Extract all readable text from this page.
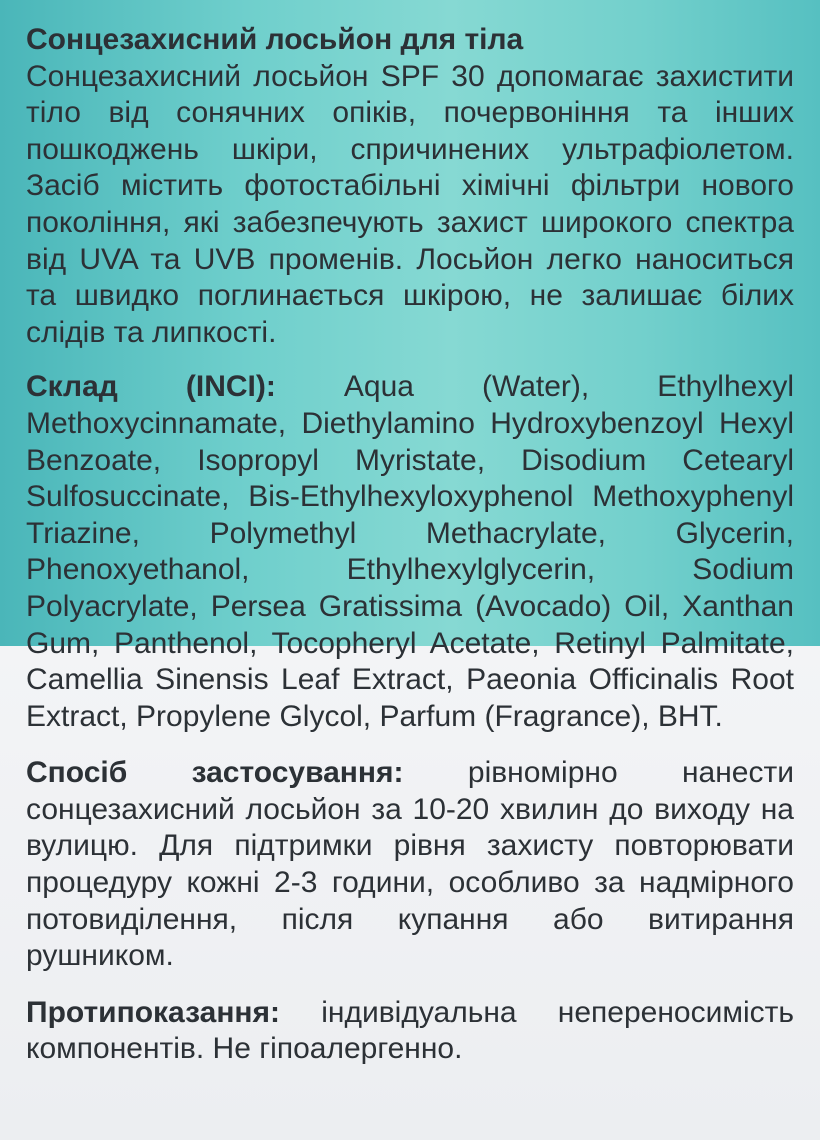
Сонцезахисний лосьйон для тіла

Сонцезахисний лосьйон SPF 30 допомагає захистити тіло від сонячних опіків, почервоніння та інших пошкоджень шкіри, спричинених ультрафіолетом. Засіб містить фотостабільні хімічні фільтри нового покоління, які забезпечують захист широкого спектра від UVA та UVB променів. Лосьйон легко наноситься та швидко поглинається шкірою, не залишає білих слідів та липкості.

Склад (INCI): Aqua (Water), Ethylhexyl Methoxycinnamate, Diethylamino Hydroxybenzoyl Hexyl Benzoate, Isopropyl Myristate, Disodium Cetearyl Sulfosuccinate, Bis-Ethylhexyloxyphenol Methoxyphenyl Triazine, Polymethyl Methacrylate, Glycerin, Phenoxyethanol, Ethylhexylglycerin, Sodium Polyacrylate, Persea Gratissima (Avocado) Oil, Xanthan Gum, Panthenol, Tocopheryl Acetate, Retinyl Palmitate, Camellia Sinensis Leaf Extract, Paeonia Officinalis Root Extract, Propylene Glycol, Parfum (Fragrance), BHT.

Спосіб застосування: рівномірно нанести сонцезахисний лосьйон за 10-20 хвилин до виходу на вулицю. Для підтримки рівня захисту повторювати процедуру кожні 2-3 години, особливо за надмірного потовиділення, після купання або витирання рушником.

Протипоказання: індивідуальна непереносимість компонентів. Не гіпоалергенно.
